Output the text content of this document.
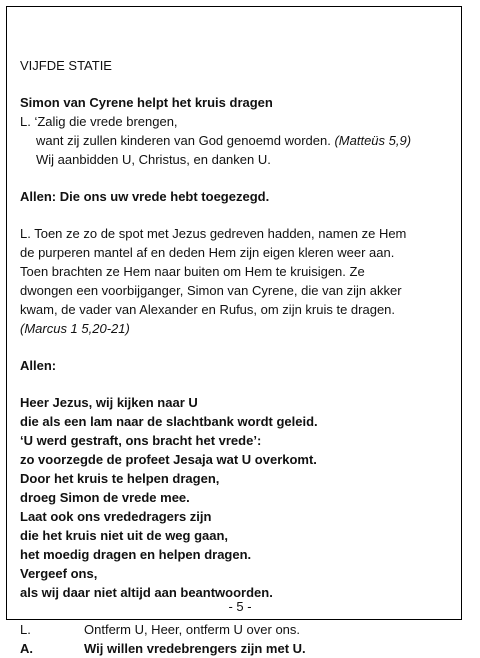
VIJFDE STATIE
Simon van Cyrene helpt het kruis dragen
L. ‘Zalig die vrede brengen,
want zij zullen kinderen van God genoemd worden. (Matteüs 5,9)
Wij aanbidden U, Christus, en danken U.
Allen: Die ons uw vrede hebt toegezegd.
L. Toen ze zo de spot met Jezus gedreven hadden, namen ze Hem
de purperen mantel af en deden Hem zijn eigen kleren weer aan.
Toen brachten ze Hem naar buiten om Hem te kruisigen. Ze
dwongen een voorbijganger, Simon van Cyrene, die van zijn akker
kwam, de vader van Alexander en Rufus, om zijn kruis te dragen.
(Marcus 1 5,20-21)
Allen:
Heer Jezus, wij kijken naar U
die als een lam naar de slachtbank wordt geleid.
‘U werd gestraft, ons bracht het vrede’:
zo voorzegde de profeet Jesaja wat U overkomt.
Door het kruis te helpen dragen,
droeg Simon de vrede mee.
Laat ook ons vrededragers zijn
die het kruis niet uit de weg gaan,
het moedig dragen en helpen dragen.
Vergeef ons,
als wij daar niet altijd aan beantwoorden.
L.	Ontferm U, Heer, ontferm U over ons.
A.	Wij willen vredebrengers zijn met U.
- 5 -
